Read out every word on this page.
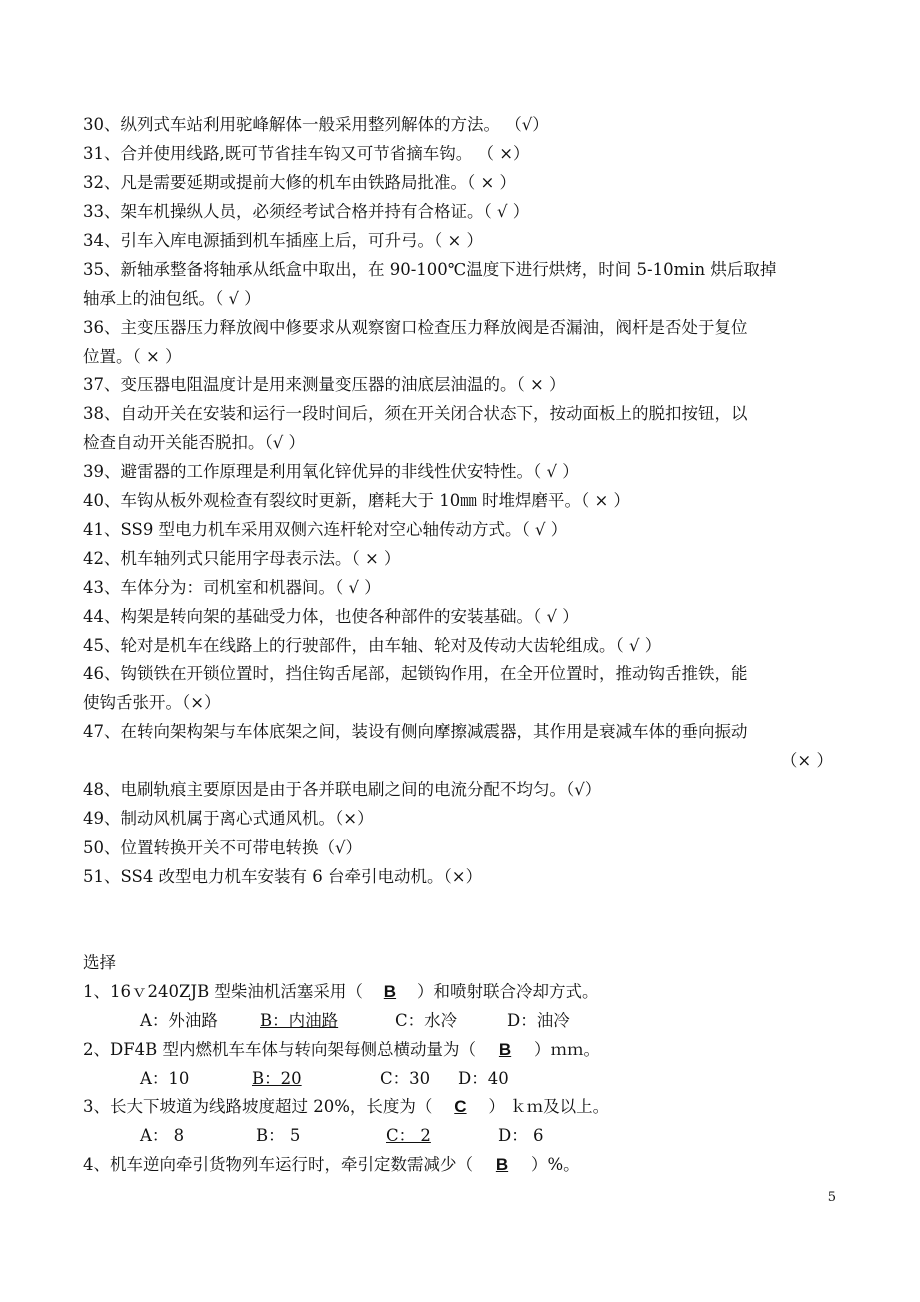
30、纵列式车站利用驼峰解体一般采用整列解体的方法。 （√）
31、合并使用线路,既可节省挂车钩又可节省摘车钩。 （ ×）
32、凡是需要延期或提前大修的机车由铁路局批准。（ × ）
33、架车机操纵人员，必须经考试合格并持有合格证。（ √ ）
34、引车入库电源插到机车插座上后，可升弓。（ × ）
35、新轴承整备将轴承从纸盒中取出，在 90-100℃温度下进行烘烤，时间 5-10min 烘后取掉
轴承上的油包纸。（ √ ）
36、主变压器压力释放阀中修要求从观察窗口检查压力释放阀是否漏油，阀杆是否处于复位
位置。（ × ）
37、变压器电阻温度计是用来测量变压器的油底层油温的。（ × ）
38、自动开关在安装和运行一段时间后，须在开关闭合状态下，按动面板上的脱扣按钮，以
检查自动开关能否脱扣。（√ ）
39、避雷器的工作原理是利用氧化锌优异的非线性伏安特性。（ √ ）
40、车钩从板外观检查有裂纹时更新，磨耗大于 10㎜ 时堆焊磨平。（ × ）
41、SS9 型电力机车采用双侧六连杆轮对空心轴传动方式。（ √ ）
42、机车轴列式只能用字母表示法。（ × ）
43、车体分为：司机室和机器间。（ √ ）
44、构架是转向架的基础受力体，也使各种部件的安装基础。（ √ ）
45、轮对是机车在线路上的行驶部件，由车轴、轮对及传动大齿轮组成。（ √ ）
46、钩锁铁在开锁位置时，挡住钩舌尾部，起锁钩作用，在全开位置时，推动钩舌推铁，能
使钩舌张开。（×）
47、在转向架构架与车体底架之间，装设有侧向摩擦减震器，其作用是衰减车体的垂向振动
（× ）
48、电刷轨痕主要原因是由于各并联电刷之间的电流分配不均匀。（√）
49、制动风机属于离心式通风机。（×）
50、位置转换开关不可带电转换（√）
51、SS4 改型电力机车安装有 6 台牵引电动机。（×）
选择
1、16ｖ240ZJB 型柴油机活塞采用（ B ）和喷射联合冷却方式。
A：外油路	B：内油路	C：水冷	D：油冷
2、DF4B 型内燃机车车体与转向架每侧总横动量为（ B ）ｍｍ。
A：10	B：20	C：30 D：40
3、长大下坡道为线路坡度超过 20%，长度为（ C ） ｋｍ及以上。
A： 8	B： 5	C： 2	D： 6
4、机车逆向牵引货物列车运行时，牵引定数需减少（ B ）%。
5
